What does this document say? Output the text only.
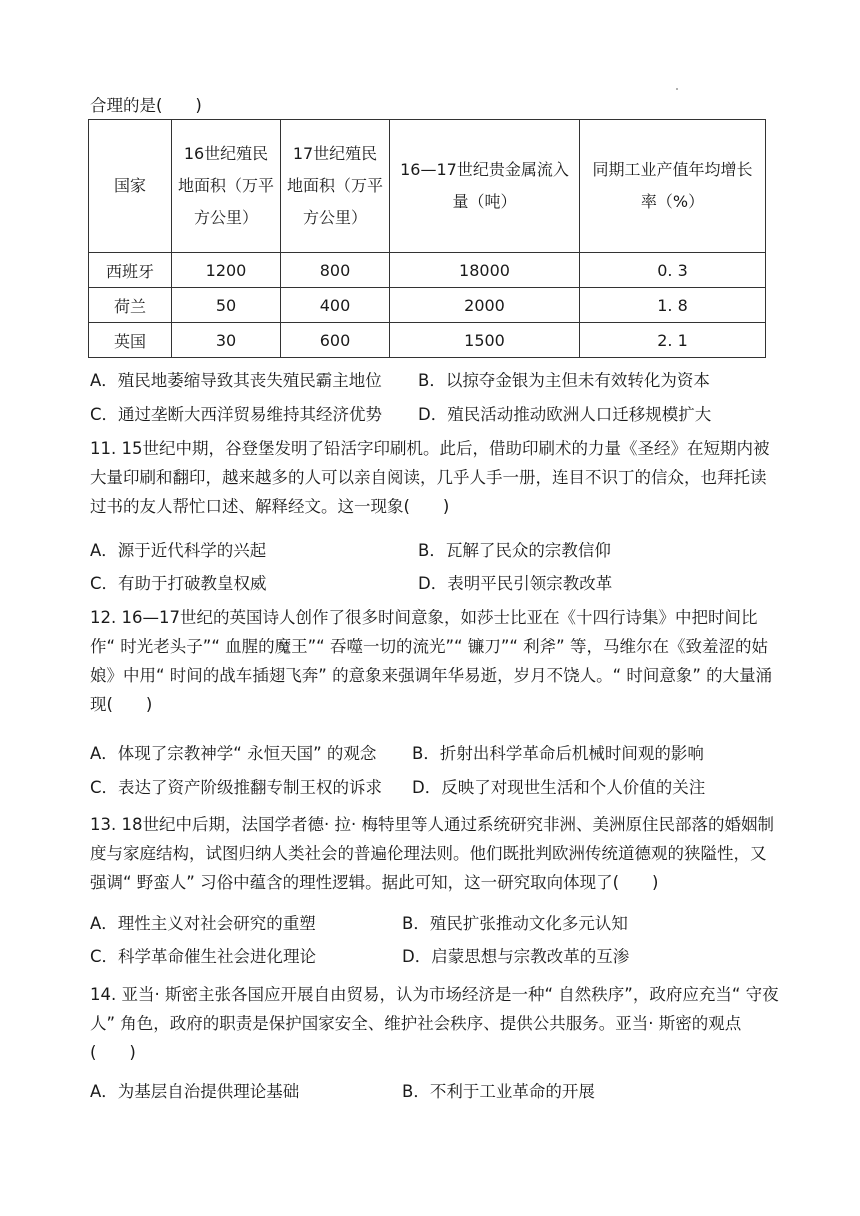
合理的是(　　)
国家	16世纪殖民地面积（万平方公里）	17世纪殖民地面积（万平方公里）	16—17世纪贵金属流入量（吨）	同期工业产值年均增长率（%）
西班牙	1200	800	18000	0. 3
荷兰	50	400	2000	1. 8
英国	30	600	1500	2. 1
A．殖民地萎缩导致其丧失殖民霸主地位 B．以掠夺金银为主但未有效转化为资本
C．通过垄断大西洋贸易维持其经济优势 D．殖民活动推动欧洲人口迁移规模扩大
11. 15世纪中期，谷登堡发明了铅活字印刷机。此后，借助印刷术的力量《圣经》在短期内被大量印刷和翻印，越来越多的人可以亲自阅读，几乎人手一册，连目不识丁的信众，也拜托读过书的友人帮忙口述、解释经文。这一现象(　　)
A．源于近代科学的兴起	B．瓦解了民众的宗教信仰
C．有助于打破教皇权威	D．表明平民引领宗教改革
12. 16—17世纪的英国诗人创作了很多时间意象，如莎士比亚在《十四行诗集》中把时间比作“ 时光老头子”“ 血腥的魔王”“ 吞噬一切的流光”“ 镰刀”“ 利斧” 等，马维尔在《致羞涩的姑娘》中用“ 时间的战车插翅飞奔” 的意象来强调年华易逝，岁月不饶人。“ 时间意象” 的大量涌现(　　)
A．体现了宗教神学“ 永恒天国” 的观念 B．折射出科学革命后机械时间观的影响
C．表达了资产阶级推翻专制王权的诉求 D．反映了对现世生活和个人价值的关注
13. 18世纪中后期，法国学者德· 拉· 梅特里等人通过系统研究非洲、美洲原住民部落的婚姻制度与家庭结构，试图归纳人类社会的普遍伦理法则。他们既批判欧洲传统道德观的狭隘性，又强调“ 野蛮人” 习俗中蕴含的理性逻辑。据此可知，这一研究取向体现了(　　)
A．理性主义对社会研究的重塑	B．殖民扩张推动文化多元认知
C．科学革命催生社会进化理论	D．启蒙思想与宗教改革的互渗
14. 亚当· 斯密主张各国应开展自由贸易，认为市场经济是一种“ 自然秩序”，政府应充当“ 守夜人” 角色，政府的职责是保护国家安全、维护社会秩序、提供公共服务。亚当· 斯密的观点(　　)
A．为基层自治提供理论基础	B．不利于工业革命的开展
